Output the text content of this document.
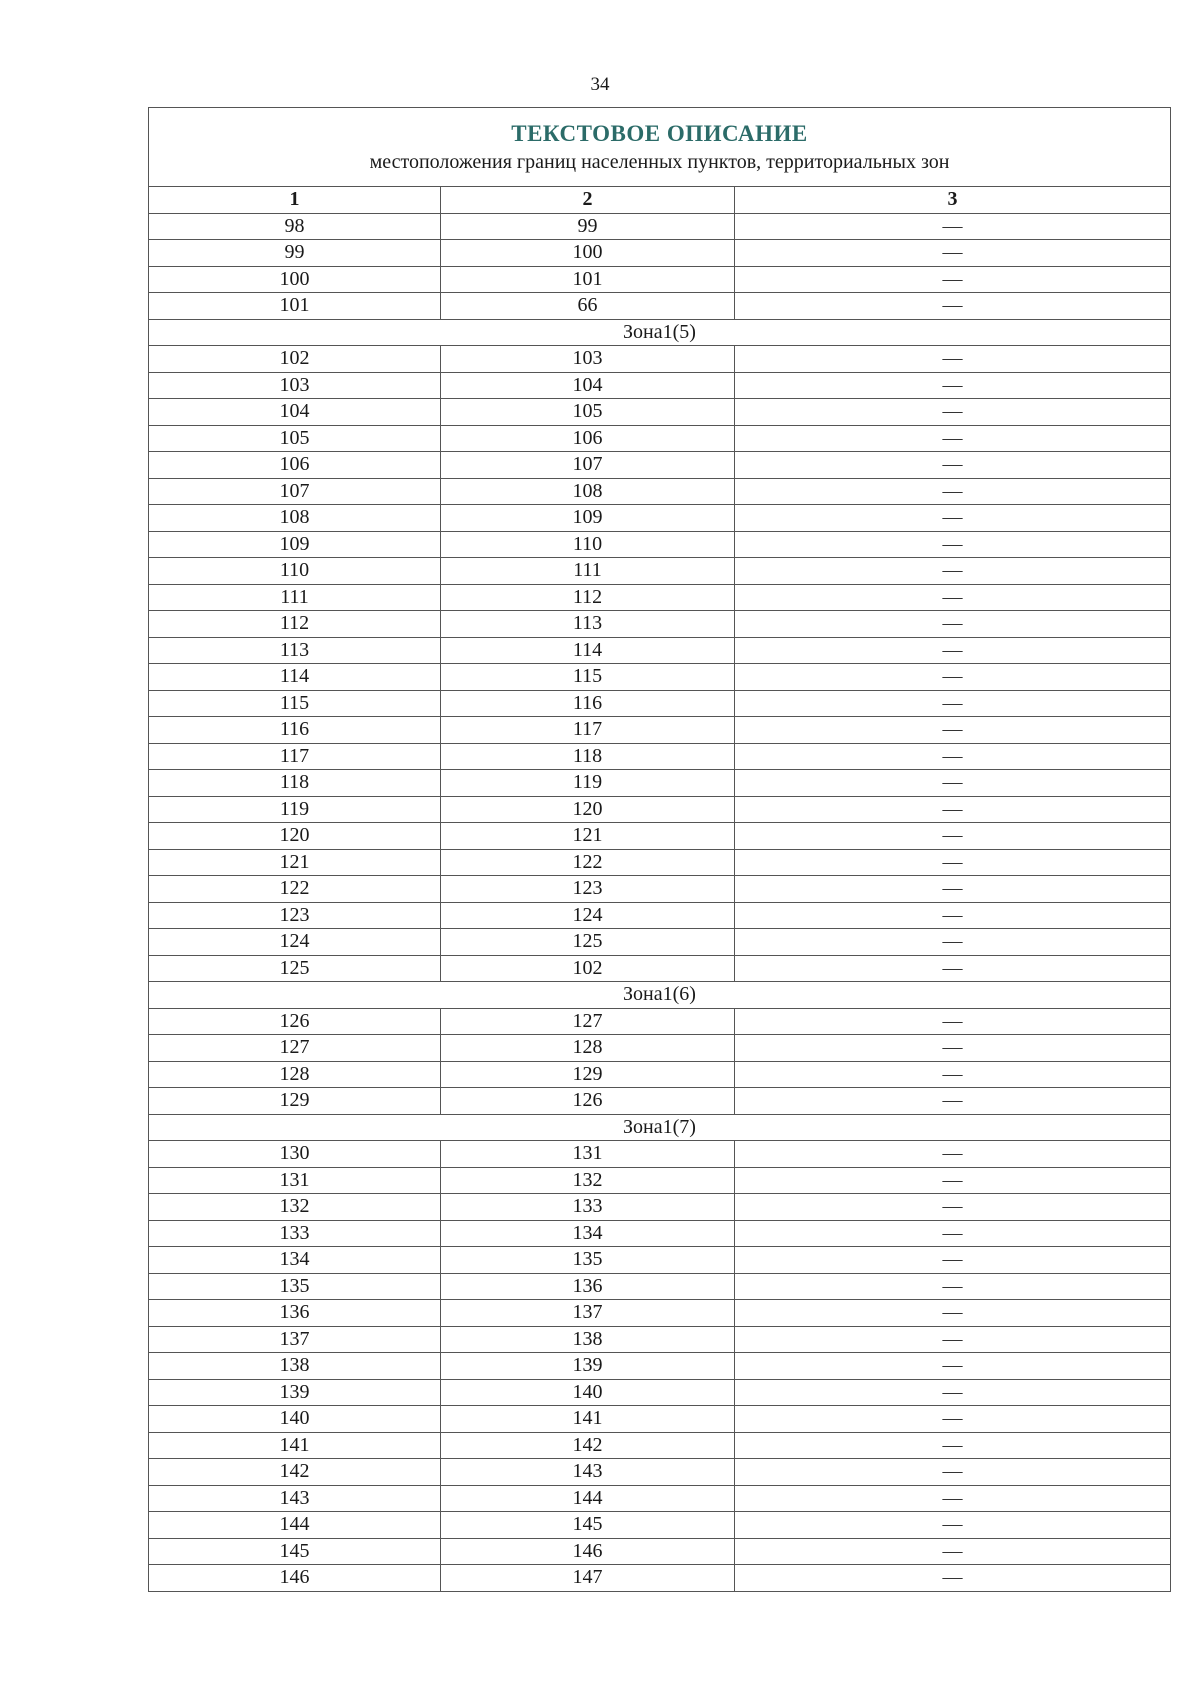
34
ТЕКСТОВОЕ ОПИСАНИЕ
местоположения границ населенных пунктов, территориальных зон		

1	2	3
98	99	—
99	100	—
100	101	—
101	66	—
Зона1(5)		
102	103	—
103	104	—
104	105	—
105	106	—
106	107	—
107	108	—
108	109	—
109	110	—
110	111	—
111	112	—
112	113	—
113	114	—
114	115	—
115	116	—
116	117	—
117	118	—
118	119	—
119	120	—
120	121	—
121	122	—
122	123	—
123	124	—
124	125	—
125	102	—
Зона1(6)		
126	127	—
127	128	—
128	129	—
129	126	—
Зона1(7)		
130	131	—
131	132	—
132	133	—
133	134	—
134	135	—
135	136	—
136	137	—
137	138	—
138	139	—
139	140	—
140	141	—
141	142	—
142	143	—
143	144	—
144	145	—
145	146	—
146	147	—
